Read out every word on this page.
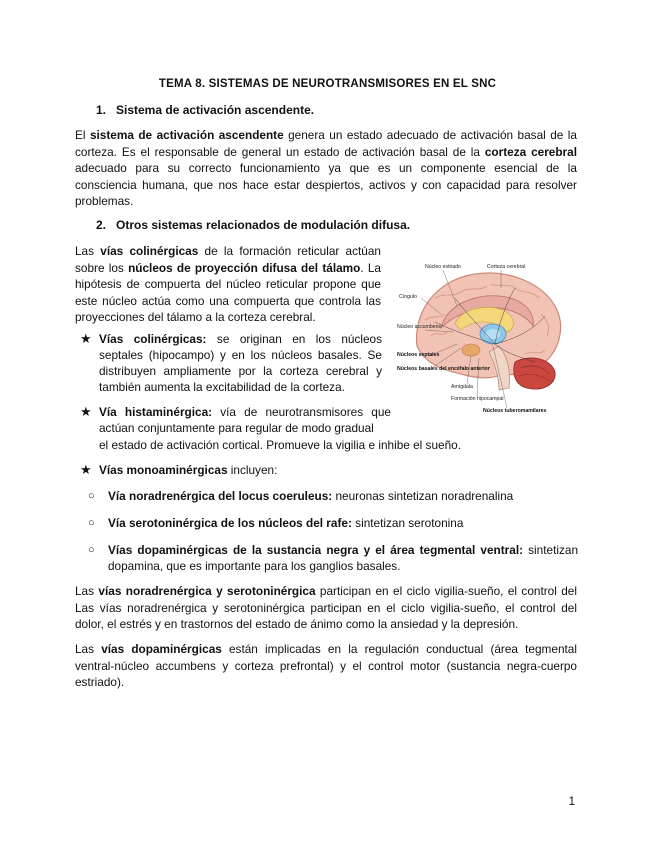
TEMA 8. SISTEMAS DE NEUROTRANSMISORES EN EL SNC
1. Sistema de activación ascendente.
El sistema de activación ascendente genera un estado adecuado de activación basal de la corteza. Es el responsable de general un estado de activación basal de la corteza cerebral adecuado para su correcto funcionamiento ya que es un componente esencial de la consciencia humana, que nos hace estar despiertos, activos y con capacidad para resolver problemas.
2. Otros sistemas relacionados de modulación difusa.
Las vías colinérgicas de la formación reticular actúan sobre los núcleos de proyección difusa del tálamo. La hipótesis de compuerta del núcleo reticular propone que este núcleo actúa como una compuerta que controla las proyecciones del tálamo a la corteza cerebral.
★ Vías colinérgicas: se originan en los núcleos septales (hipocampo) y en los núcleos basales. Se distribuyen ampliamente por la corteza cerebral y también aumenta la excitabilidad de la corteza.
★ Vía histaminérgica: vía de neurotransmisores que actúan conjuntamente para regular de modo gradual
el estado de activación cortical. Promueve la vigilia e inhibe el sueño.
★ Vías monoaminérgicas incluyen:
○ Vía noradrenérgica del locus coeruleus: neuronas sintetizan noradrenalina
○ Vía serotoninérgica de los núcleos del rafe: sintetizan serotonina
○ Vías dopaminérgicas de la sustancia negra y el área tegmental ventral: sintetizan dopamina, que es importante para los ganglios basales.
Las vías noradrenérgica y serotoninérgica participan en el ciclo vigilia-sueño, el control del Las vías noradrenérgica y serotoninérgica participan en el ciclo vigilia-sueño, el control del dolor, el estrés y en trastornos del estado de ánimo como la ansiedad y la depresión.
Las vías dopaminérgicas están implicadas en la regulación conductual (área tegmental ventral-núcleo accumbens y corteza prefrontal) y el control motor (sustancia negra-cuerpo estriado).
Núcleo estriado	Corteza cerebral
Cíngulo
Núcleo accumbens
Núcleos septales
Núcleos basales del encéfalo anterior
Amígdala
Formación hipocampal
Núcleos tuberomamilares
1
